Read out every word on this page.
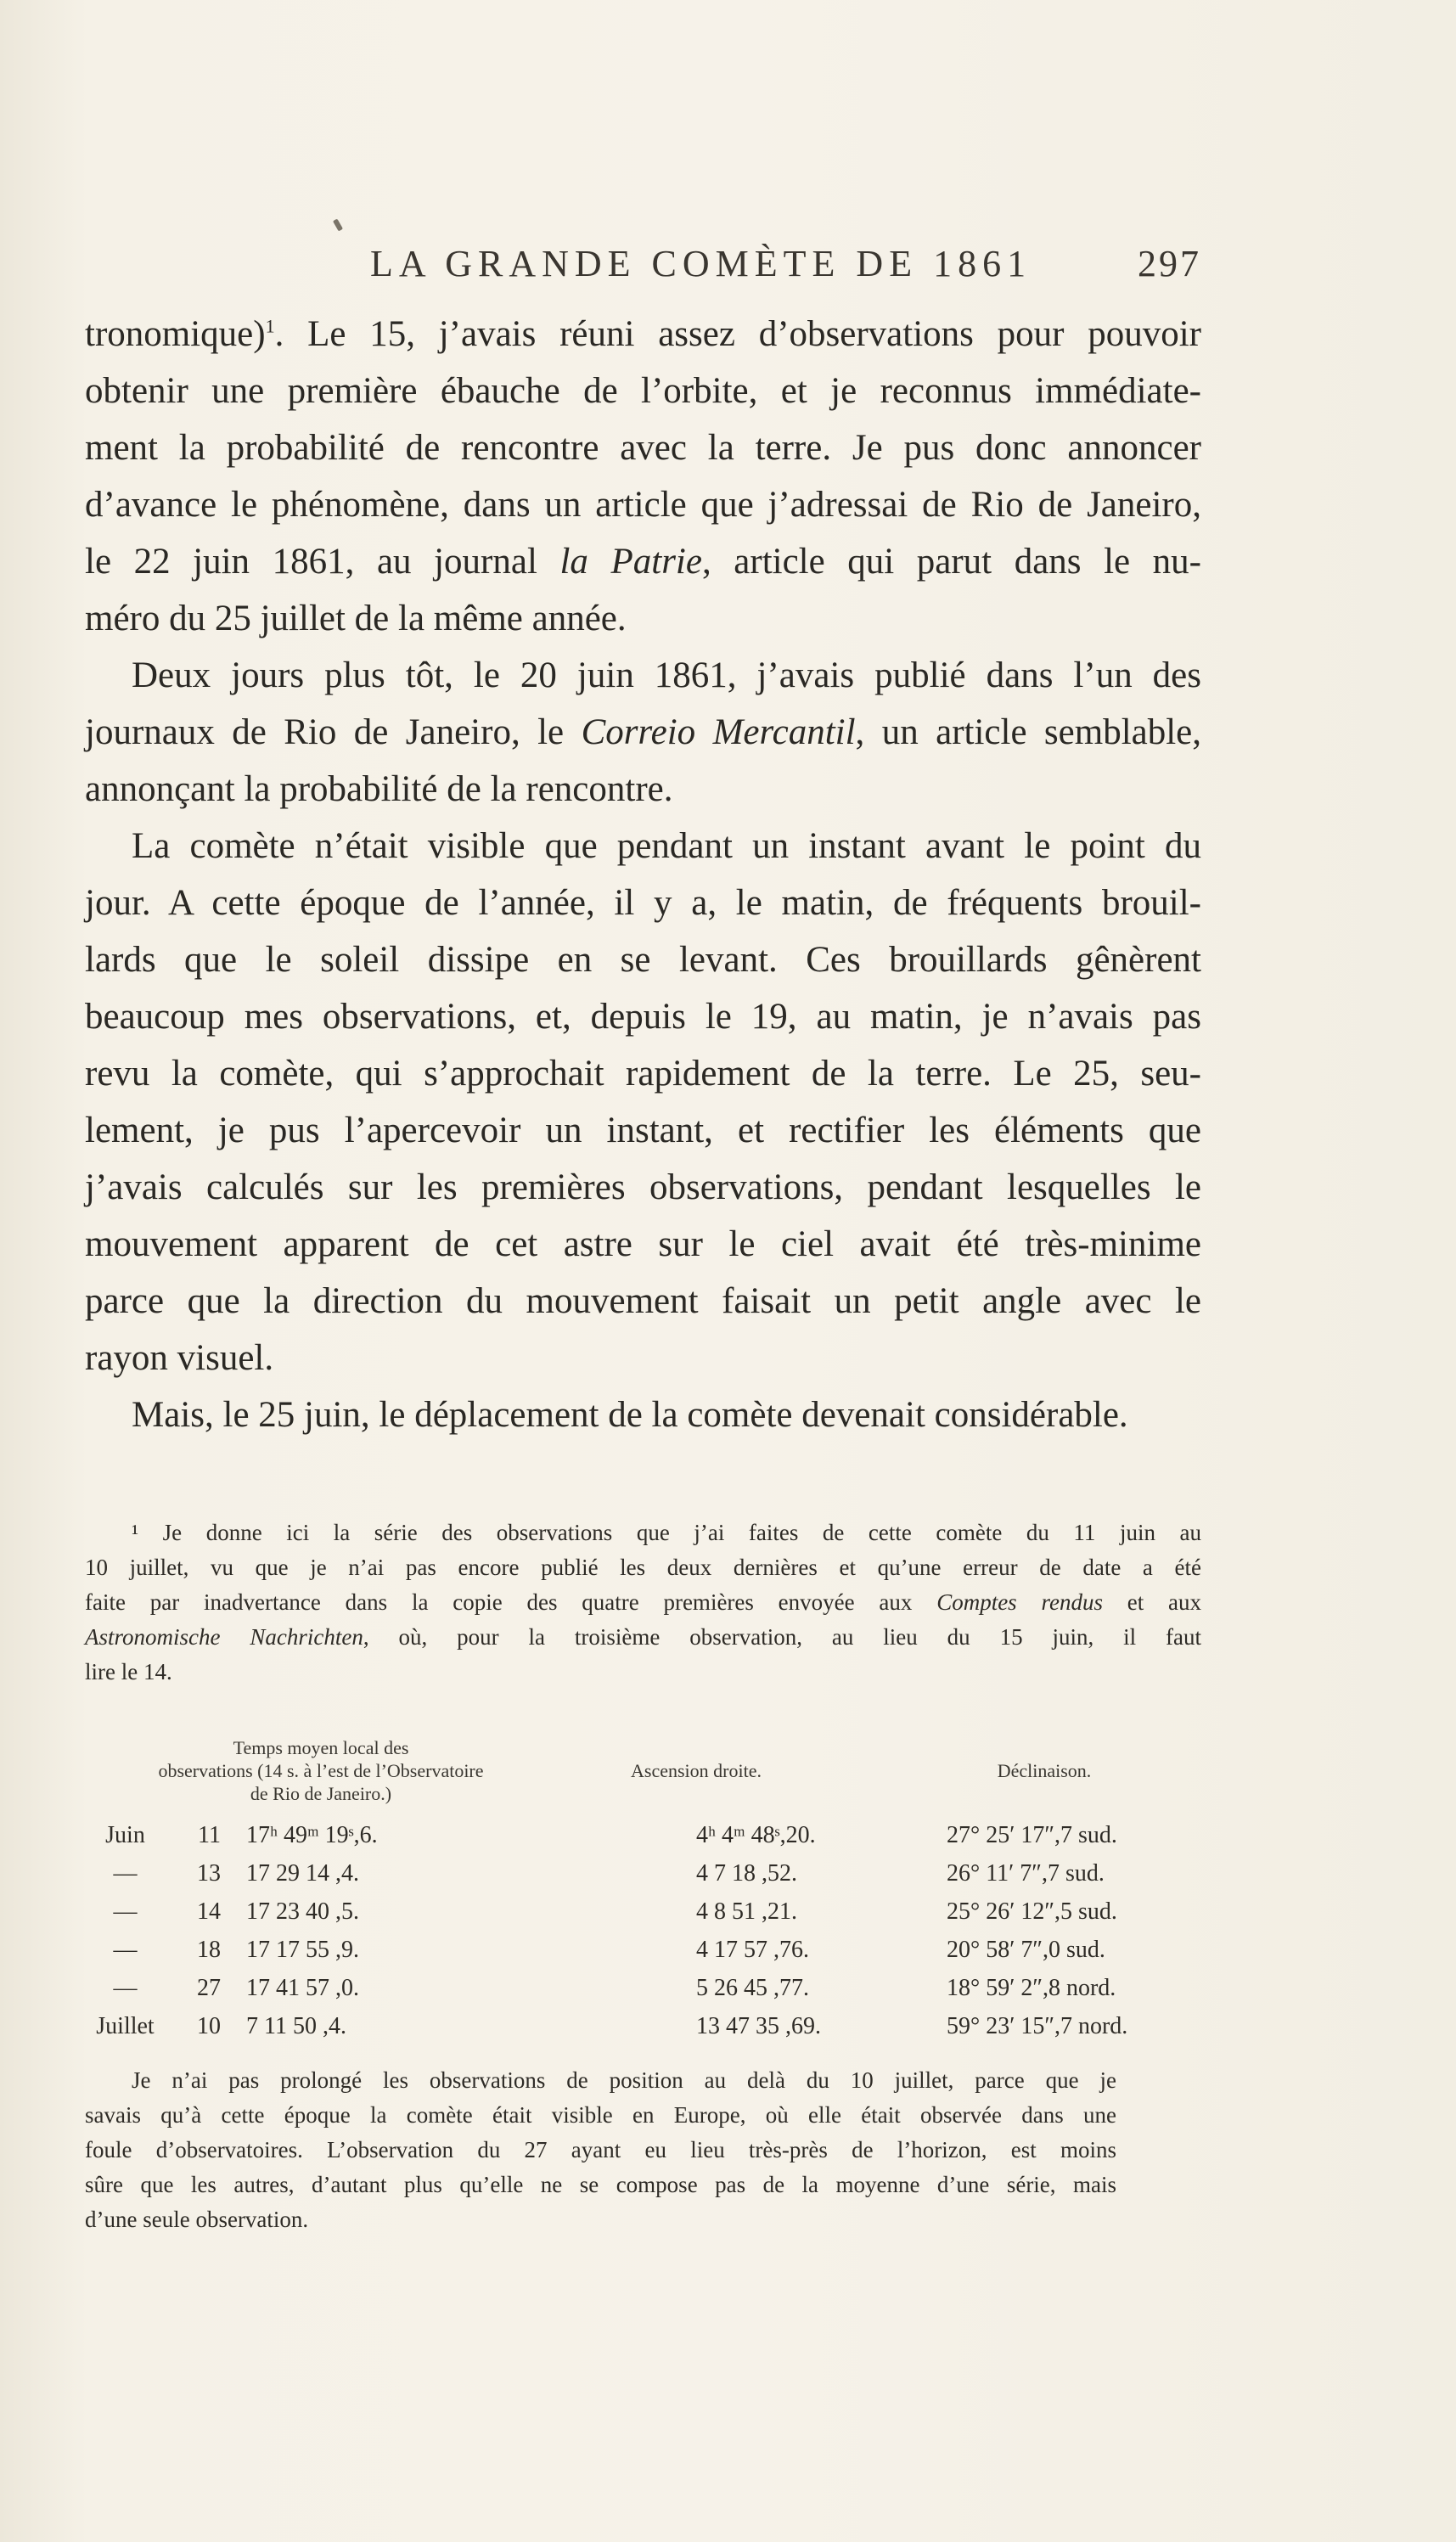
LA GRANDE COMÈTE DE 1861	297
tronomique)$^1$. Le 15, j’avais réuni assez d’observations pour pouvoir
obtenir une première ébauche de l’orbite, et je reconnus immédiate-
ment la probabilité de rencontre avec la terre. Je pus donc annoncer
d’avance le phénomène, dans un article que j’adressai de Rio de Janeiro,
le 22 juin 1861, au journal la Patrie, article qui parut dans le nu-
méro du 25 juillet de la même année.
Deux jours plus tôt, le 20 juin 1861, j’avais publié dans l’un des
journaux de Rio de Janeiro, le Correio Mercantil, un article semblable,
annonçant la probabilité de la rencontre.
La comète n’était visible que pendant un instant avant le point du
jour. A cette époque de l’année, il y a, le matin, de fréquents brouil-
lards que le soleil dissipe en se levant. Ces brouillards gênèrent
beaucoup mes observations, et, depuis le 19, au matin, je n’avais pas
revu la comète, qui s’approchait rapidement de la terre. Le 25, seu-
lement, je pus l’apercevoir un instant, et rectifier les éléments que
j’avais calculés sur les premières observations, pendant lesquelles le
mouvement apparent de cet astre sur le ciel avait été très-minime
parce que la direction du mouvement faisait un petit angle avec le
rayon visuel.
Mais, le 25 juin, le déplacement de la comète devenait considérable.
¹ Je donne ici la série des observations que j’ai faites de cette comète du 11 juin au
10 juillet, vu que je n’ai pas encore publié les deux dernières et qu’une erreur de date a été
faite par inadvertance dans la copie des quatre premières envoyée aux Comptes rendus et aux
Astronomische Nachrichten, où, pour la troisième observation, au lieu du 15 juin, il faut
lire le 14.
Temps moyen local des
observations (14 s. à l’est de l’Observatoire
de Rio de Janeiro.)
Ascension droite.	Déclinaison.
Juin	11 17ʰ 49ᵐ 19ˢ,6.	4ʰ 4ᵐ 48ˢ,20.	27° 25′ 17″,7 sud.
—	13 17 29 14 ,4.	4 7 18 ,52.	26° 11′ 7″,7 sud.
—	14 17 23 40 ,5.	4 8 51 ,21.	25° 26′ 12″,5 sud.
—	18 17 17 55 ,9.	4 17 57 ,76.	20° 58′ 7″,0 sud.
—	27 17 41 57 ,0.	5 26 45 ,77.	18° 59′ 2″,8 nord.
Juillet	10 7 11 50 ,4.	13 47 35 ,69.	59° 23′ 15″,7 nord.
Je n’ai pas prolongé les observations de position au delà du 10 juillet, parce que je
savais qu’à cette époque la comète était visible en Europe, où elle était observée dans une
foule d’observatoires. L’observation du 27 ayant eu lieu très-près de l’horizon, est moins
sûre que les autres, d’autant plus qu’elle ne se compose pas de la moyenne d’une série, mais
d’une seule observation.
